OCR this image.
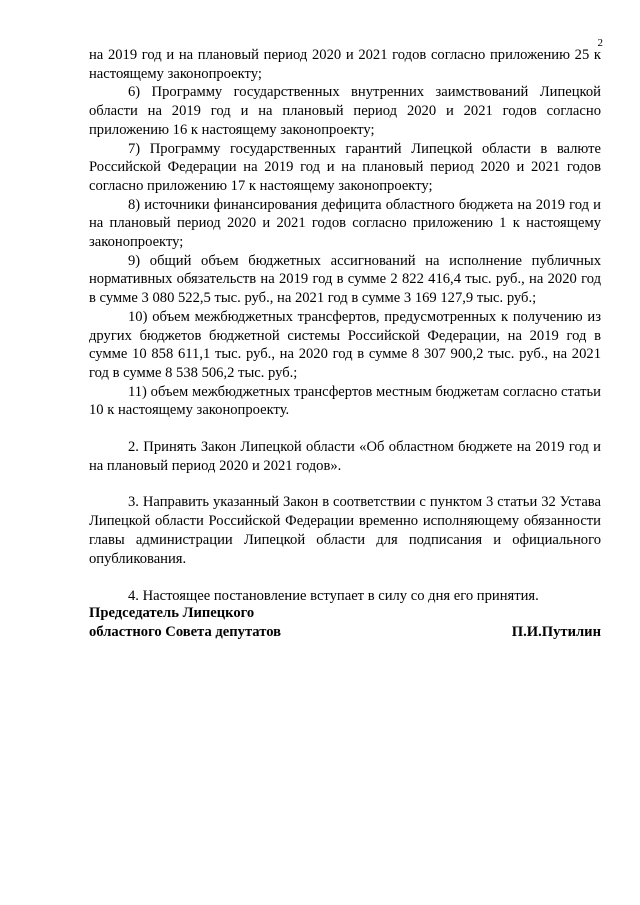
2

на 2019 год и на плановый период 2020 и 2021 годов согласно приложению 25 к настоящему законопроекту;

6) Программу государственных внутренних заимствований Липецкой области на 2019 год и на плановый период 2020 и 2021 годов согласно приложению 16 к настоящему законопроекту;

7) Программу государственных гарантий Липецкой области в валюте Российской Федерации на 2019 год и на плановый период 2020 и 2021 годов согласно приложению 17 к настоящему законопроекту;

8) источники финансирования дефицита областного бюджета на 2019 год и на плановый период 2020 и 2021 годов согласно приложению 1 к настоящему законопроекту;

9) общий объем бюджетных ассигнований на исполнение публичных нормативных обязательств на 2019 год в сумме 2 822 416,4 тыс. руб., на 2020 год в сумме 3 080 522,5 тыс. руб., на 2021 год в сумме 3 169 127,9 тыс. руб.;

10) объем межбюджетных трансфертов, предусмотренных к получению из других бюджетов бюджетной системы Российской Федерации, на 2019 год в сумме 10 858 611,1 тыс. руб., на 2020 год в сумме 8 307 900,2 тыс. руб., на 2021 год в сумме 8 538 506,2 тыс. руб.;

11) объем межбюджетных трансфертов местным бюджетам согласно статьи 10 к настоящему законопроекту.

2. Принять Закон Липецкой области «Об областном бюджете на 2019 год и на плановый период 2020 и 2021 годов».

3. Направить указанный Закон в соответствии с пунктом 3 статьи 32 Устава Липецкой области Российской Федерации временно исполняющему обязанности главы администрации Липецкой области для подписания и официального опубликования.

4. Настоящее постановление вступает в силу со дня его принятия.

Председатель Липецкого
областного Совета депутатов	П.И.Путилин
